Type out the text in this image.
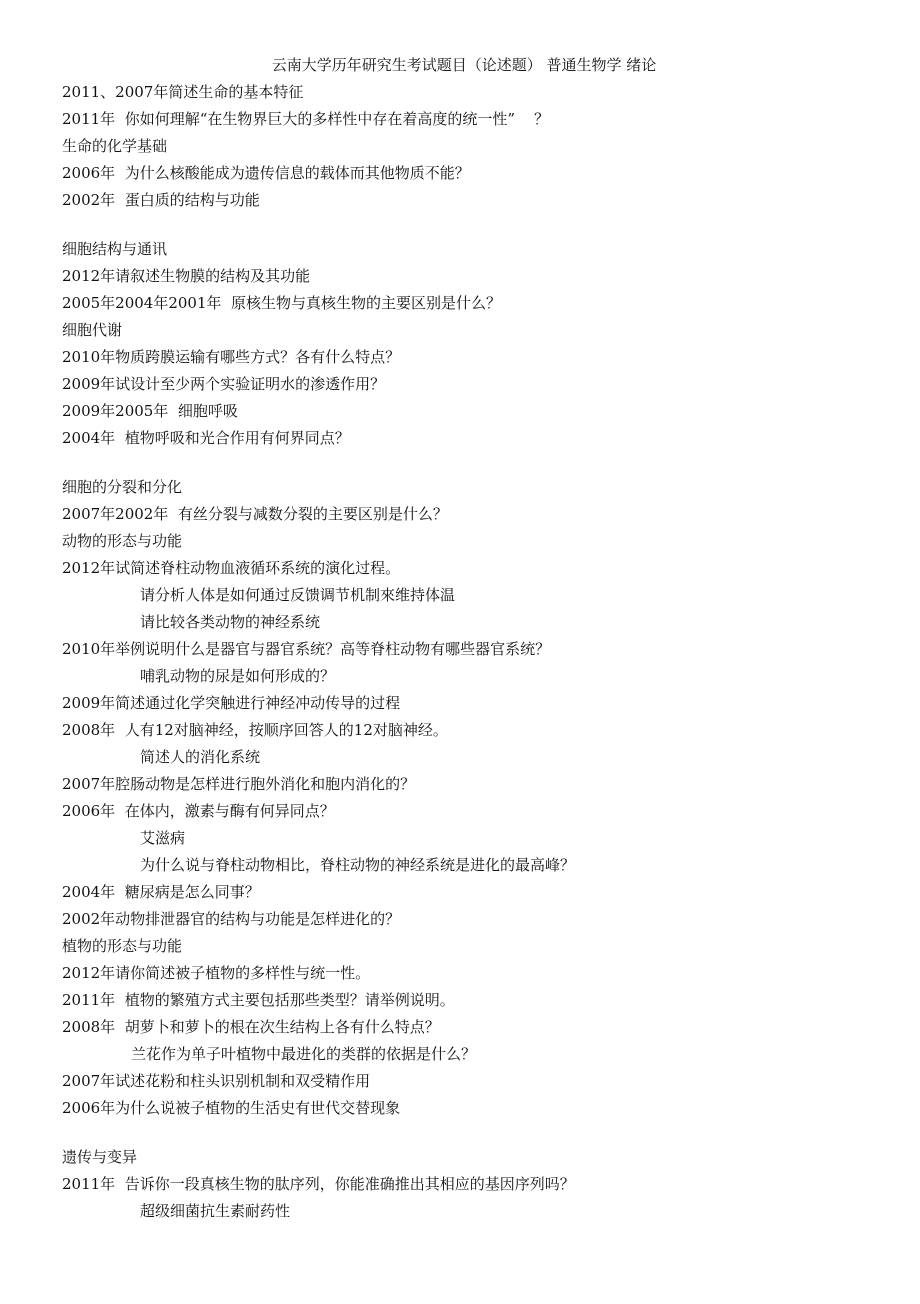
云南大学历年研究生考试题目（论述题） 普通生物学 绪论
2011、2007年简述生命的基本特征
2011年  你如何理解“在生物界巨大的多样性中存在着高度的统一性”    ？
生命的化学基础
2006年  为什么核酸能成为遗传信息的载体而其他物质不能？
2002年  蛋白质的结构与功能
细胞结构与通讯
2012年请叙述生物膜的结构及其功能
2005年2004年2001年  原核生物与真核生物的主要区别是什么？
细胞代谢
2010年物质跨膜运输有哪些方式？各有什么特点？
2009年试设计至少两个实验证明水的渗透作用？
2009年2005年  细胞呼吸
2004年  植物呼吸和光合作用有何界同点？
细胞的分裂和分化
2007年2002年  有丝分裂与减数分裂的主要区别是什么？
动物的形态与功能
2012年试简述脊柱动物血液循环系统的演化过程。
请分析人体是如何通过反馈调节机制來维持体温
请比较各类动物的神经系统
2010年举例说明什么是器官与器官系统？高等脊柱动物有哪些器官系统？
哺乳动物的尿是如何形成的？
2009年简述通过化学突触进行神经冲动传导的过程
2008年  人有12对脑神经，按顺序回答人的12对脑神经。
简述人的消化系统
2007年腔肠动物是怎样进行胞外消化和胞内消化的？
2006年  在体内，激素与酶有何异同点？
艾滋病
为什么说与脊柱动物相比，脊柱动物的神经系统是进化的最高峰？
2004年  糖尿病是怎么同事？
2002年动物排泄器官的结构与功能是怎样进化的？
植物的形态与功能
2012年请你简述被子植物的多样性与统一性。
2011年  植物的繁殖方式主要包括那些类型？请举例说明。
2008年  胡萝卜和萝卜的根在次生结构上各有什么特点？
兰花作为单子叶植物中最进化的类群的依据是什么？
2007年试述花粉和柱头识别机制和双受精作用
2006年为什么说被子植物的生活史有世代交替现象
遗传与变异
2011年  告诉你一段真核生物的肽序列，你能准确推出其相应的基因序列吗？
超级细菌抗生素耐药性
